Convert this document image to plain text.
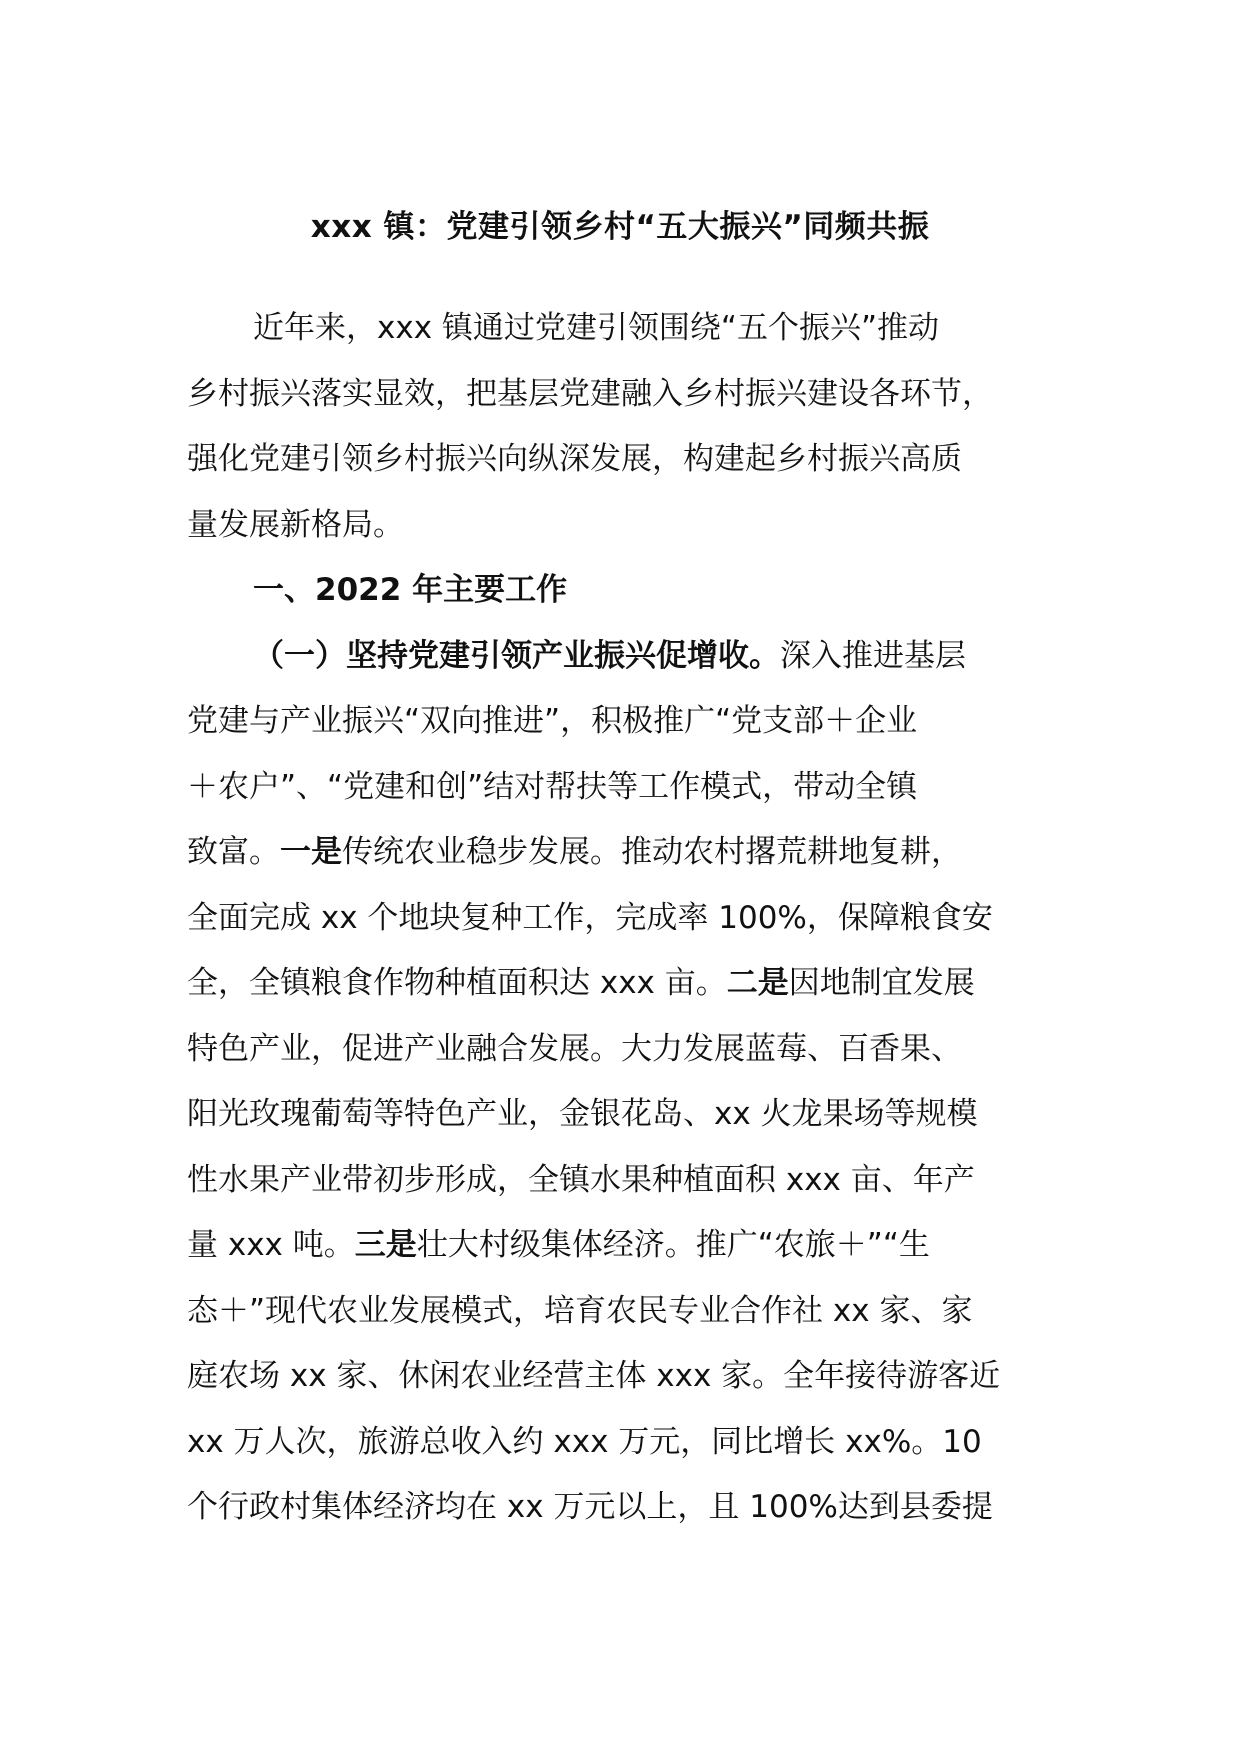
xxx 镇：党建引领乡村“五大振兴”同频共振
近年来，xxx 镇通过党建引领围绕“五个振兴”推动
乡村振兴落实显效，把基层党建融入乡村振兴建设各环节，
强化党建引领乡村振兴向纵深发展，构建起乡村振兴高质
量发展新格局。
一、2022 年主要工作
（一）坚持党建引领产业振兴促增收。深入推进基层
党建与产业振兴“双向推进”，积极推广“党支部＋企业
＋农户”、“党建和创”结对帮扶等工作模式，带动全镇
致富。一是传统农业稳步发展。推动农村撂荒耕地复耕，
全面完成 xx 个地块复种工作，完成率 100%，保障粮食安
全，全镇粮食作物种植面积达 xxx 亩。二是因地制宜发展
特色产业，促进产业融合发展。大力发展蓝莓、百香果、
阳光玫瑰葡萄等特色产业，金银花岛、xx 火龙果场等规模
性水果产业带初步形成，全镇水果种植面积 xxx 亩、年产
量 xxx 吨。三是壮大村级集体经济。推广“农旅＋”“生
态＋”现代农业发展模式，培育农民专业合作社 xx 家、家
庭农场 xx 家、休闲农业经营主体 xxx 家。全年接待游客近
xx 万人次，旅游总收入约 xxx 万元，同比增长 xx%。10
个行政村集体经济均在 xx 万元以上，且 100%达到县委提
